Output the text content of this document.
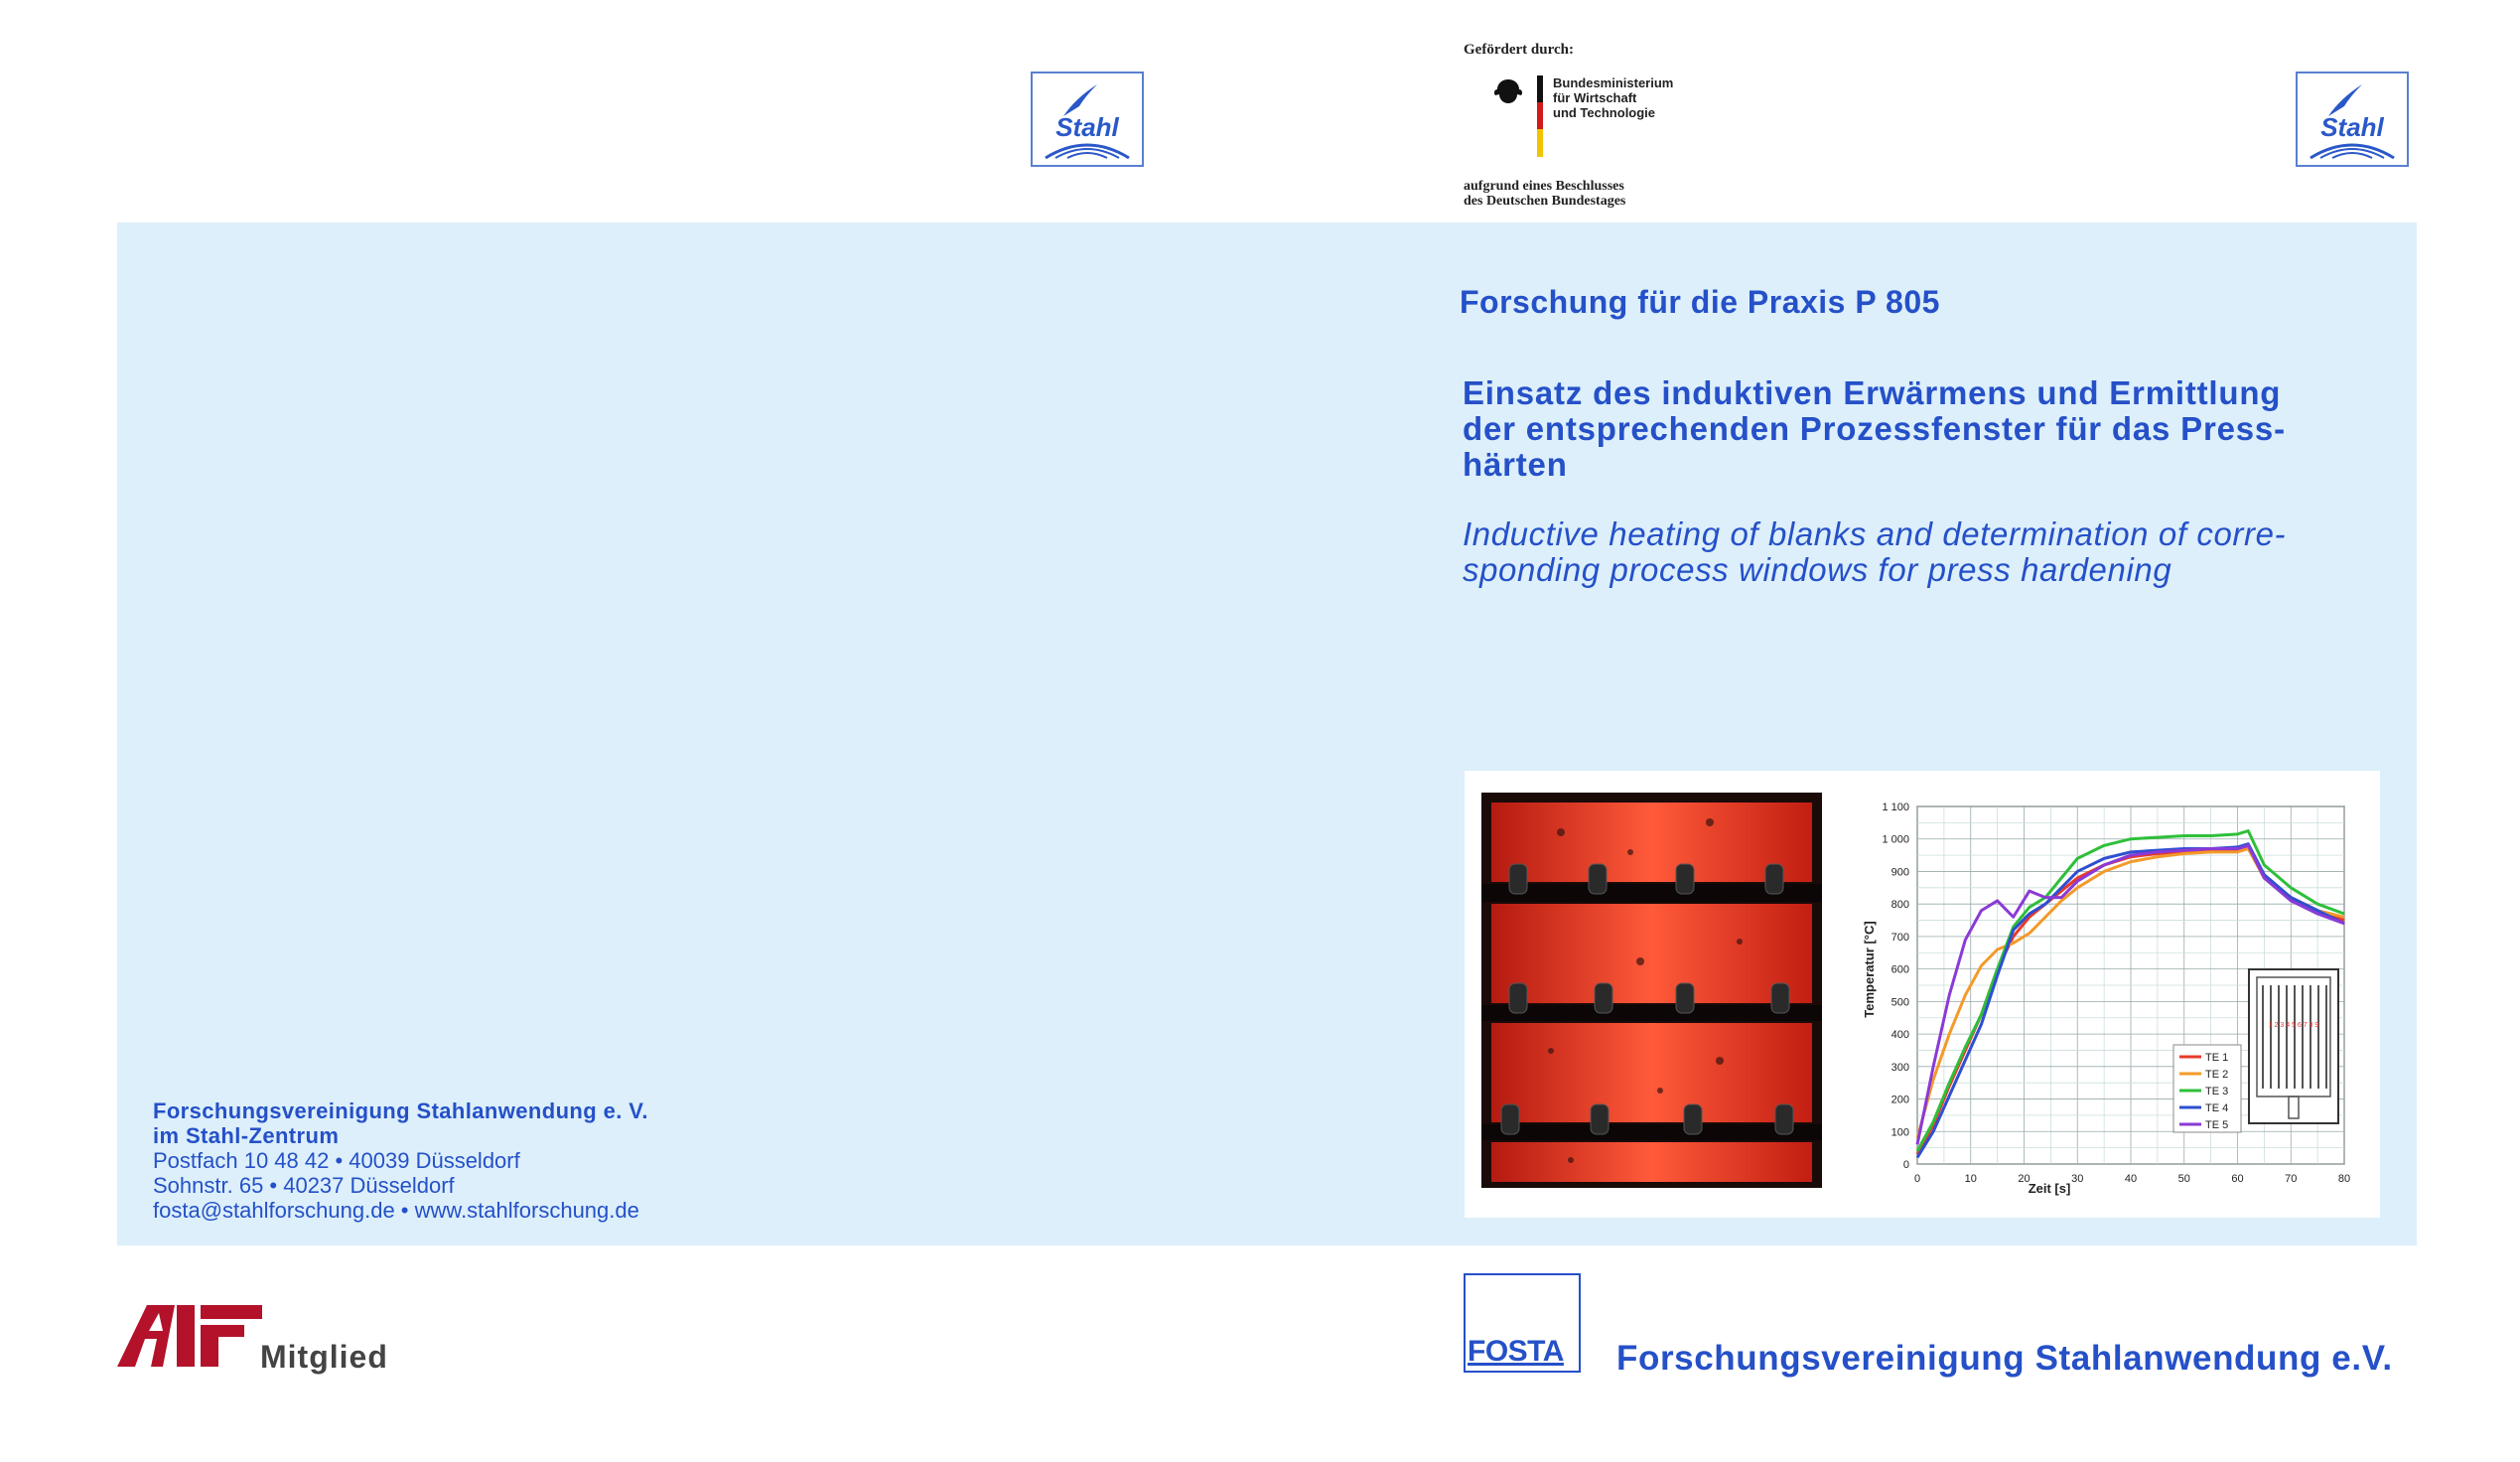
Stahl	Stahl
Gefördert durch:
Bundesministerium
für Wirtschaft
und Technologie
aufgrund eines Beschlusses
des Deutschen Bundestages
Forschung für die Praxis P 805
Einsatz des induktiven Erwärmens und Ermittlung
der entsprechenden Prozessfenster für das Press-
härten
Inductive heating of blanks and determination of corre-
sponding process windows for press hardening
Forschungsvereinigung Stahlanwendung e. V.
im Stahl-Zentrum
Postfach 10 48 42 • 40039 Düsseldorf
Sohnstr. 65 • 40237 Düsseldorf
fosta@stahlforschung.de • www.stahlforschung.de
0	10	20	30	40	50	60	70	80
0
100
200
300
400
500
600
700
800
900
1 000
1 100
Temperatur [°C]
Zeit [s]
1 2 3 4 5 6 7 8 9
TE 1
TE 2
TE 3
TE 4
TE 5
Mitglied	FOSTA Forschungsvereinigung Stahlanwendung e.V.
